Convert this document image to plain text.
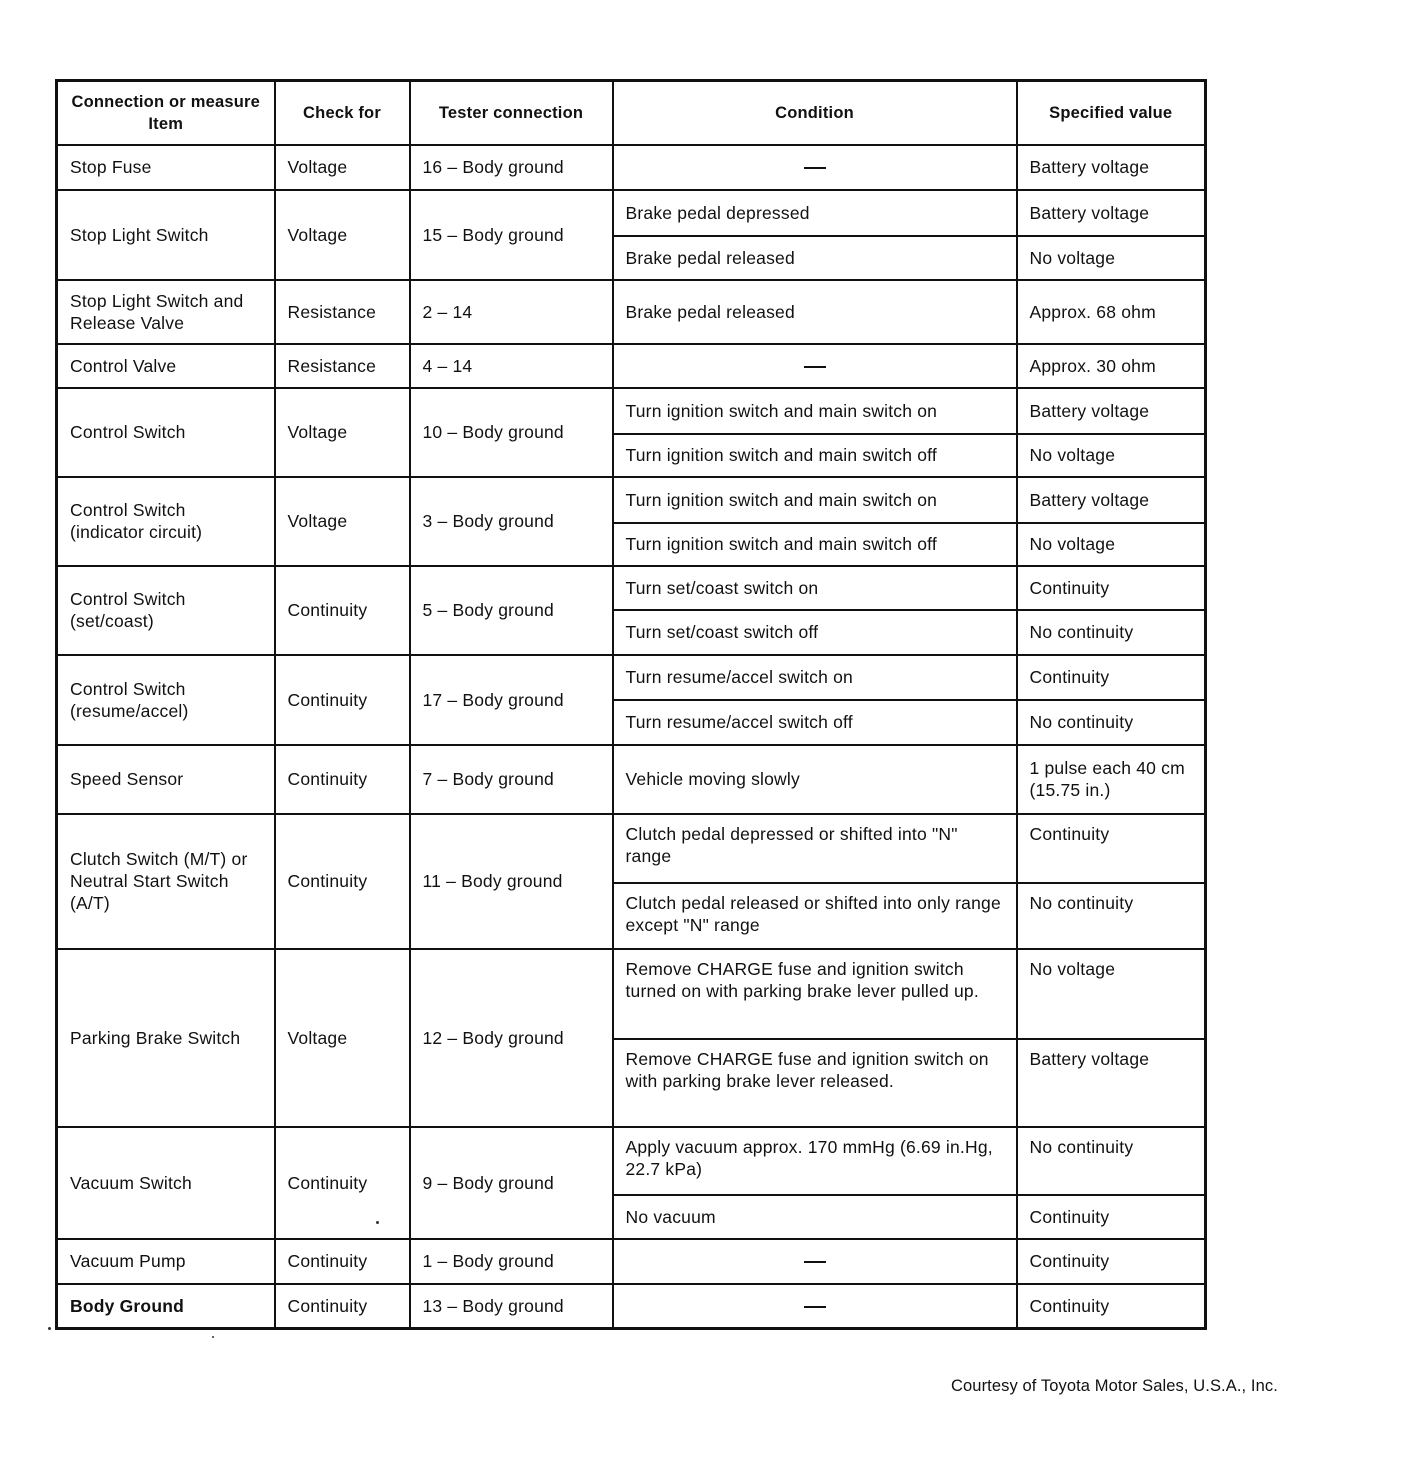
Connection or measure Item	Check for	Tester connection	Condition	Specified value
Stop Fuse	Voltage	16 – Body ground		Battery voltage
Stop Light Switch	Voltage	15 – Body ground	Brake pedal depressed	Battery voltage
			Brake pedal released	No voltage
Stop Light Switch and Release Valve	Resistance	2 – 14	Brake pedal released	Approx. 68 ohm
Control Valve	Resistance	4 – 14		Approx. 30 ohm
Control Switch	Voltage	10 – Body ground	Turn ignition switch and main switch on	Battery voltage
			Turn ignition switch and main switch off	No voltage
Control Switch (indicator circuit)	Voltage	3 – Body ground	Turn ignition switch and main switch on	Battery voltage
			Turn ignition switch and main switch off	No voltage
Control Switch (set/coast)	Continuity	5 – Body ground	Turn set/coast switch on	Continuity
			Turn set/coast switch off	No continuity
Control Switch (resume/accel)	Continuity	17 – Body ground	Turn resume/accel switch on	Continuity
			Turn resume/accel switch off	No continuity
Speed Sensor	Continuity	7 – Body ground	Vehicle moving slowly	1 pulse each 40 cm (15.75 in.)
Clutch Switch (M/T) or Neutral Start Switch (A/T)	Continuity	11 – Body ground	Clutch pedal depressed or shifted into "N" range	Continuity
			Clutch pedal released or shifted into only range except "N" range	No continuity
Parking Brake Switch	Voltage	12 – Body ground	Remove CHARGE fuse and ignition switch turned on with parking brake lever pulled up.	No voltage
			Remove CHARGE fuse and ignition switch on with parking brake lever released.	Battery voltage
Vacuum Switch	Continuity	9 – Body ground	Apply vacuum approx. 170 mmHg (6.69 in.Hg, 22.7 kPa)	No continuity
			No vacuum	Continuity
Vacuum Pump	Continuity	1 – Body ground		Continuity
Body Ground	Continuity	13 – Body ground		Continuity
Courtesy of Toyota Motor Sales, U.S.A., Inc.
